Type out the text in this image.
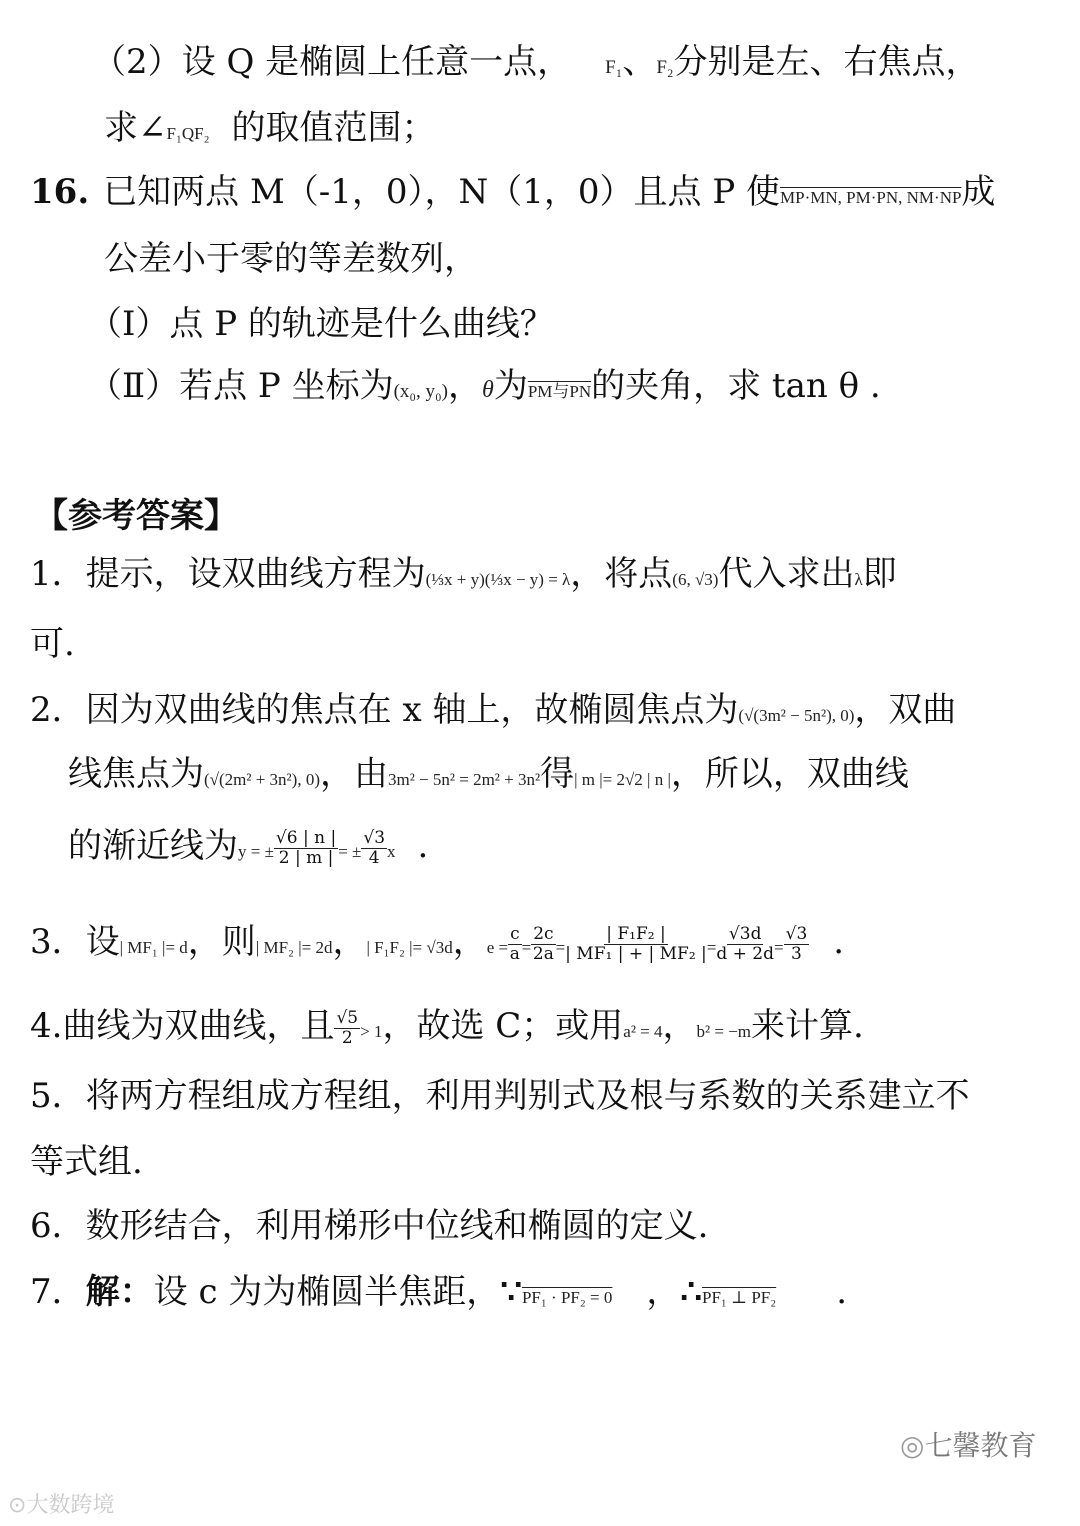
（2）设 Q 是椭圆上任意一点， F₁、F₂分别是左、右焦点，
求∠F₁QF₂ 的取值范围；
16. 已知两点 M（-1，0），N（1，0）且点 P 使MP·MN, PM·PN, NM·NP成
公差小于零的等差数列，
（Ⅰ）点 P 的轨迹是什么曲线？
（Ⅱ）若点 P 坐标为(x₀, y₀)，θ为PM与PN的夹角，求 tan θ .
【参考答案】
1．提示，设双曲线方程为(⅓x + y)(⅓x − y) = λ，将点(6, √3)代入求出λ即
可.
2．因为双曲线的焦点在 x 轴上，故椭圆焦点为(√(3m² − 5n²), 0)，双曲
线焦点为(√(2m² + 3n²), 0)，由3m² − 5n² = 2m² + 3n²得| m |= 2√2 | n |，所以，双曲线
的渐近线为y = ± $\frac{√6 | n |}{2 | m |}$ = ± $\frac{√3}{4}$ x .
3．设| MF₁ |= d，则| MF₂ |= 2d，| F₁F₂ |= √3d，$e = \frac{c}{a} = \frac{2c}{2a} = \frac{\text{| F₁F₂ |}}{\text{| MF₁ | + | MF₂ |}} = \frac{√3d}{d + 2d} = \frac{√3}{3}$ .
4.曲线为双曲线，且 $\frac{√5}{2} > 1$，故选 C；或用a² = 4，b² = −m来计算.
5．将两方程组成方程组，利用判别式及根与系数的关系建立不
等式组.
6．数形结合，利用梯形中位线和椭圆的定义.
7．解：设 c 为为椭圆半焦距，∵PF₁ · PF₂ = 0 ，∴PF₁ ⊥ PF₂ .
⊙大数跨境
◎七馨教育
